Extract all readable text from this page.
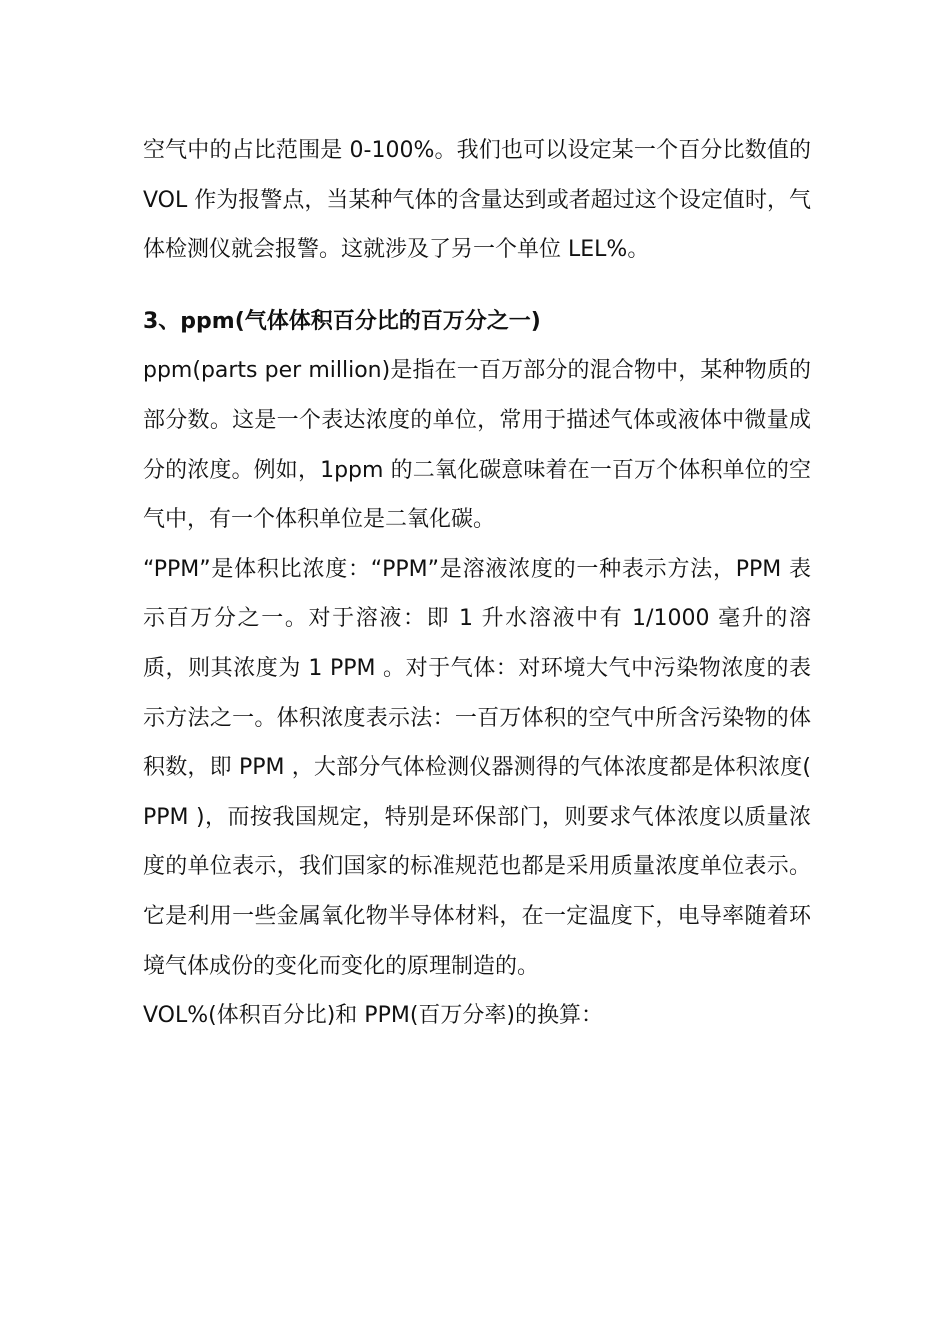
空气中的占比范围是 0-100%。我们也可以设定某一个百分比数值的 VOL 作为报警点，当某种气体的含量达到或者超过这个设定值时，气体检测仪就会报警。这就涉及了另一个单位 LEL%。

3、ppm(气体体积百分比的百万分之一)

ppm(parts per million)是指在一百万部分的混合物中，某种物质的部分数。这是一个表达浓度的单位，常用于描述气体或液体中微量成分的浓度。例如，1ppm 的二氧化碳意味着在一百万个体积单位的空气中，有一个体积单位是二氧化碳。

“PPM”是体积比浓度：“PPM”是溶液浓度的一种表示方法，PPM 表示百万分之一。对于溶液：即 1 升水溶液中有 1/1000 毫升的溶质，则其浓度为 1 PPM 。对于气体：对环境大气中污染物浓度的表示方法之一。体积浓度表示法：一百万体积的空气中所含污染物的体积数，即 PPM ，大部分气体检测仪器测得的气体浓度都是体积浓度( PPM )，而按我国规定，特别是环保部门，则要求气体浓度以质量浓度的单位表示，我们国家的标准规范也都是采用质量浓度单位表示。它是利用一些金属氧化物半导体材料，在一定温度下，电导率随着环境气体成份的变化而变化的原理制造的。

VOL%(体积百分比)和 PPM(百万分率)的换算：
